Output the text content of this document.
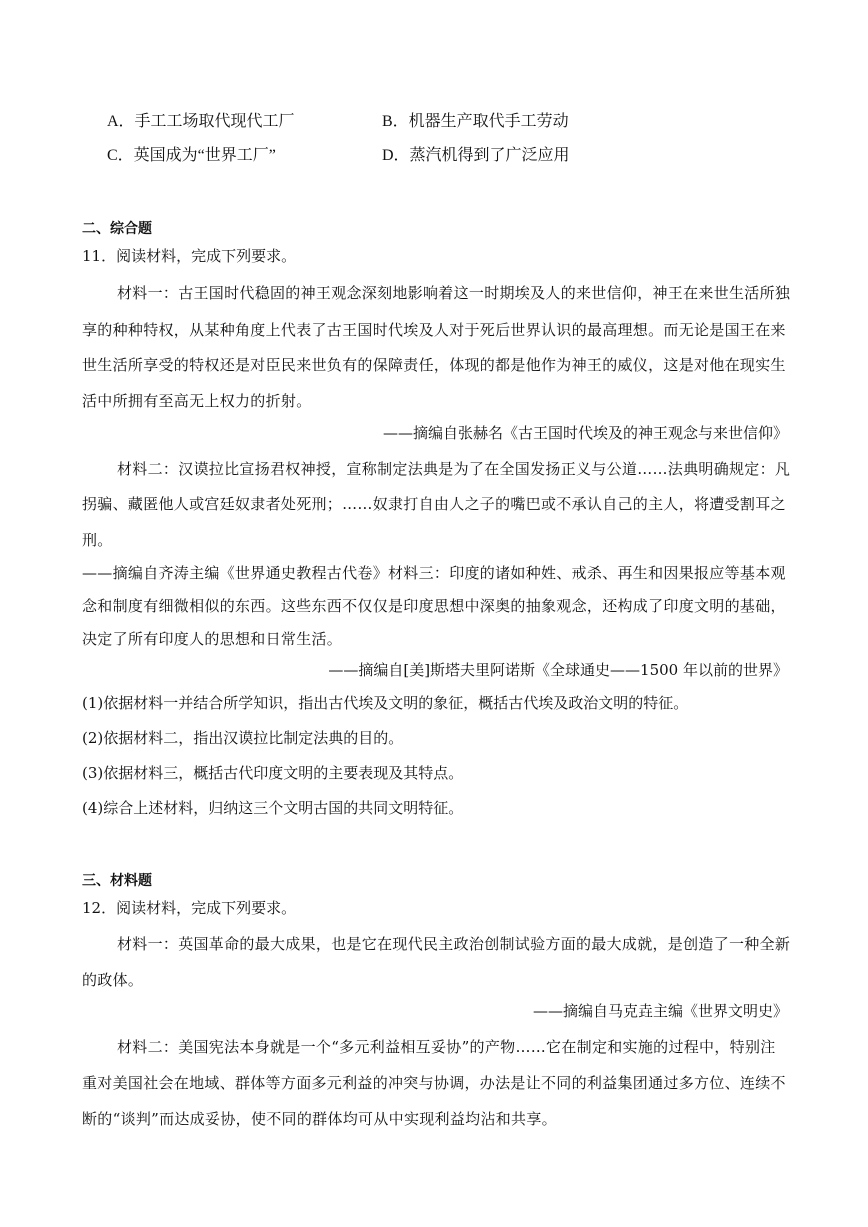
A．手工工场取代现代工厂	B．机器生产取代手工劳动
C．英国成为“世界工厂”	D．蒸汽机得到了广泛应用
二、综合题
11．阅读材料，完成下列要求。
材料一：古王国时代稳固的神王观念深刻地影响着这一时期埃及人的来世信仰，神王在来世生活所独
享的种种特权，从某种角度上代表了古王国时代埃及人对于死后世界认识的最高理想。而无论是国王在来
世生活所享受的特权还是对臣民来世负有的保障责任，体现的都是他作为神王的威仪，这是对他在现实生
活中所拥有至高无上权力的折射。
——摘编自张赫名《古王国时代埃及的神王观念与来世信仰》
材料二：汉谟拉比宣扬君权神授，宣称制定法典是为了在全国发扬正义与公道……法典明确规定：凡
拐骗、藏匿他人或宫廷奴隶者处死刑；……奴隶打自由人之子的嘴巴或不承认自己的主人，将遭受割耳之
刑。
——摘编自齐涛主编《世界通史教程古代卷》材料三：印度的诸如种姓、戒杀、再生和因果报应等基本观
念和制度有细微相似的东西。这些东西不仅仅是印度思想中深奥的抽象观念，还构成了印度文明的基础，
决定了所有印度人的思想和日常生活。
——摘编自[美]斯塔夫里阿诺斯《全球通史——1500 年以前的世界》
(1)依据材料一并结合所学知识，指出古代埃及文明的象征，概括古代埃及政治文明的特征。
(2)依据材料二，指出汉谟拉比制定法典的目的。
(3)依据材料三，概括古代印度文明的主要表现及其特点。
(4)综合上述材料，归纳这三个文明古国的共同文明特征。
三、材料题
12．阅读材料，完成下列要求。
材料一：英国革命的最大成果，也是它在现代民主政治创制试验方面的最大成就，是创造了一种全新
的政体。
——摘编自马克垚主编《世界文明史》
材料二：美国宪法本身就是一个“多元利益相互妥协”的产物……它在制定和实施的过程中，特别注
重对美国社会在地域、群体等方面多元利益的冲突与协调，办法是让不同的利益集团通过多方位、连续不
断的“谈判”而达成妥协，使不同的群体均可从中实现利益均沾和共享。
